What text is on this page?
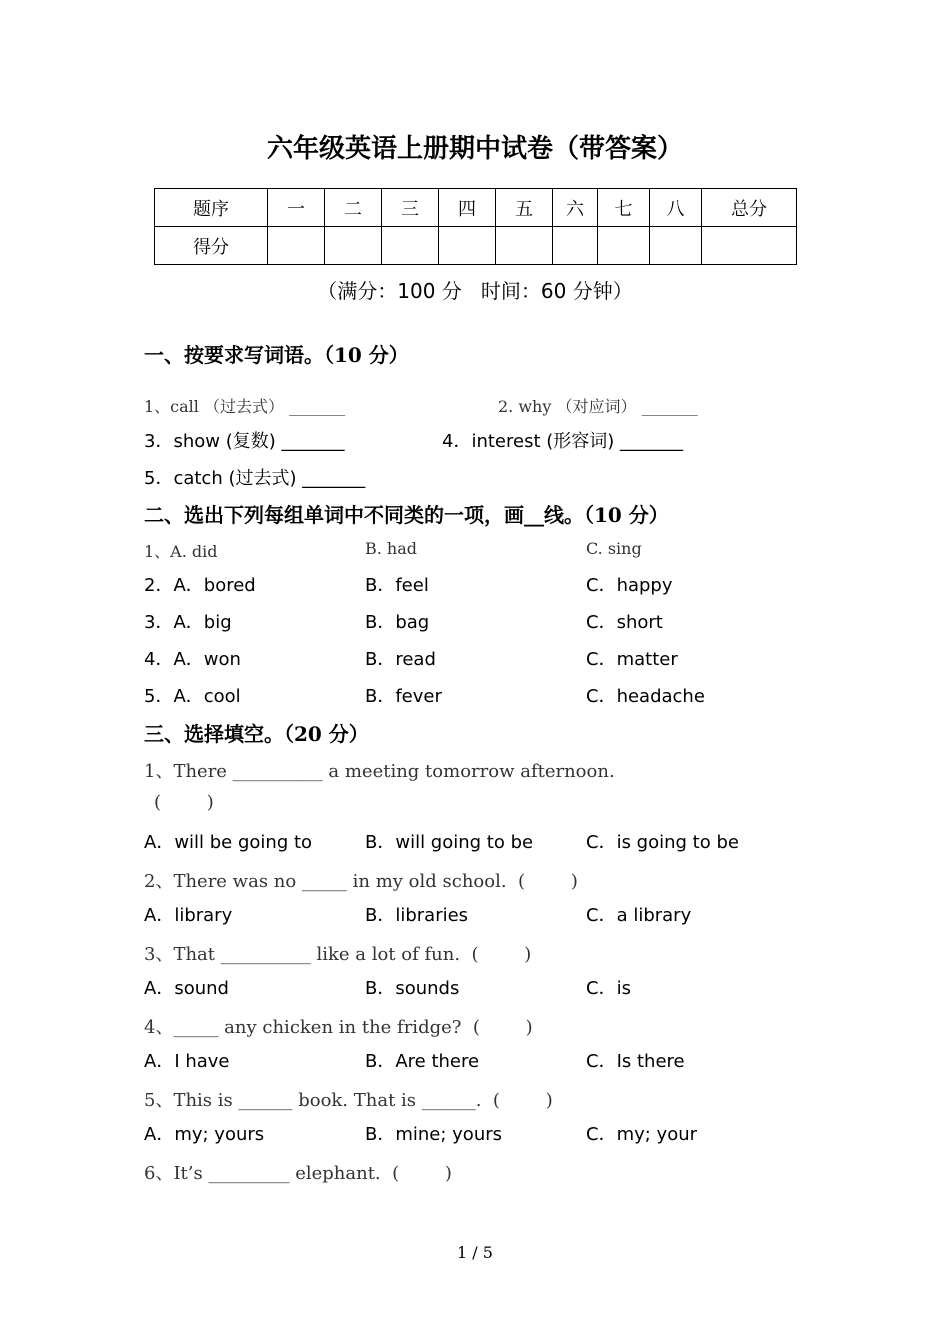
六年级英语上册期中试卷（带答案）
题序	一	二	三	四	五	六	七	八	总分
得分									
（满分：100 分   时间：60 分钟）
一、按要求写词语。（10 分）
1、call （过去式） _______	2. why （对应词） _______
3．show (复数) _______	4．interest (形容词) _______
5．catch (过去式) _______
二、选出下列每组单词中不同类的一项，画__线。（10 分）
1、A. did	B. had	C. sing
2．A．bored	B．feel	C．happy
3．A．big	B．bag	C．short
4．A．won	B．read	C．matter
5．A．cool	B．fever	C．headache
三、选择填空。（20 分）
1、There __________ a meeting tomorrow afternoon.
(        )
A．will be going to	B．will going to be	C．is going to be
2、There was no _____ in my old school.  (        )
A．library	B．libraries	C．a library
3、That __________ like a lot of fun.  (        )
A．sound	B．sounds	C．is
4、_____ any chicken in the fridge?  (        )
A．I have	B．Are there	C．Is there
5、This is ______ book. That is ______.  (        )
A．my; yours	B．mine; yours	C．my; your
6、It’s _________ elephant.  (        )
1 / 5
